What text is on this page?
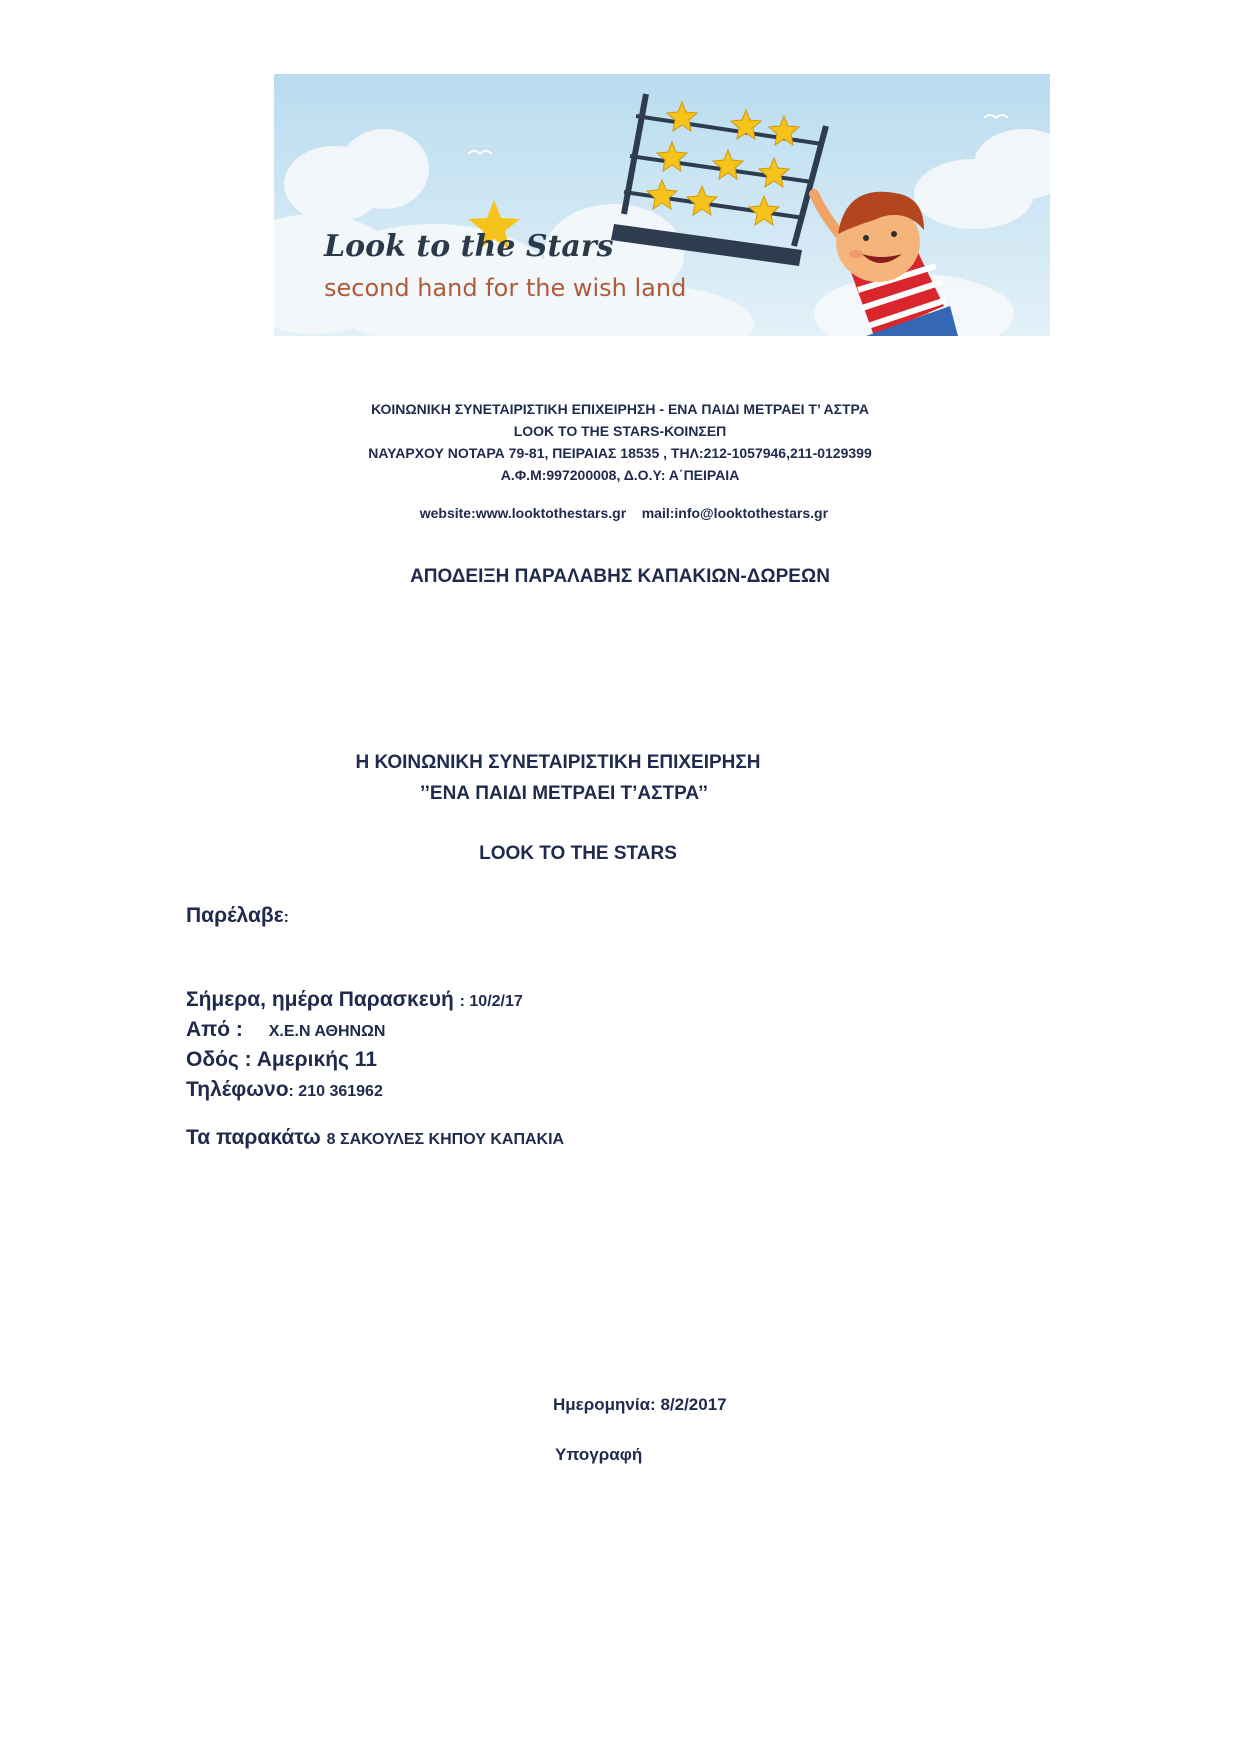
Look to the Stars
second hand for the wish land
ΚΟΙΝΩΝΙΚΗ ΣΥΝΕΤΑΙΡΙΣΤΙΚΗ ΕΠΙΧΕΙΡΗΣΗ - ΕΝΑ ΠΑΙΔΙ ΜΕΤΡΑΕΙ Τ’ ΑΣΤΡΑ
LOOK TO THE STARS-ΚΟΙΝΣΕΠ
ΝΑΥΑΡΧΟΥ ΝΟΤΑΡΑ 79-81, ΠΕΙΡΑΙΑΣ 18535 , ΤΗΛ:212-1057946,211-0129399
Α.Φ.Μ:997200008, Δ.Ο.Υ: Α΄ΠΕΙΡΑΙΑ

website:www.looktothestars.gr mail:info@looktothestars.gr

ΑΠΟΔΕΙΞΗ ΠΑΡΑΛΑΒΗΣ ΚΑΠΑΚΙΩΝ-ΔΩΡΕΩΝ
Η ΚΟΙΝΩΝΙΚΗ ΣΥΝΕΤΑΙΡΙΣΤΙΚΗ ΕΠΙΧΕΙΡΗΣΗ
’’ΕΝΑ ΠΑΙΔΙ ΜΕΤΡΑΕΙ Τ’ΑΣΤΡΑ’’
LOOK TO THE STARS
Παρέλαβε:
Σήμερα, ημέρα Παρασκευή : 10/2/17
Από : Χ.Ε.Ν ΑΘΗΝΩΝ
Οδός : Αμερικής 11
Τηλέφωνο: 210 361962
Τα παρακάτω 8 ΣΑΚΟΥΛΕΣ ΚΗΠΟΥ ΚΑΠΑΚΙΑ
Ημερομηνία: 8/2/2017
Υπογραφή
